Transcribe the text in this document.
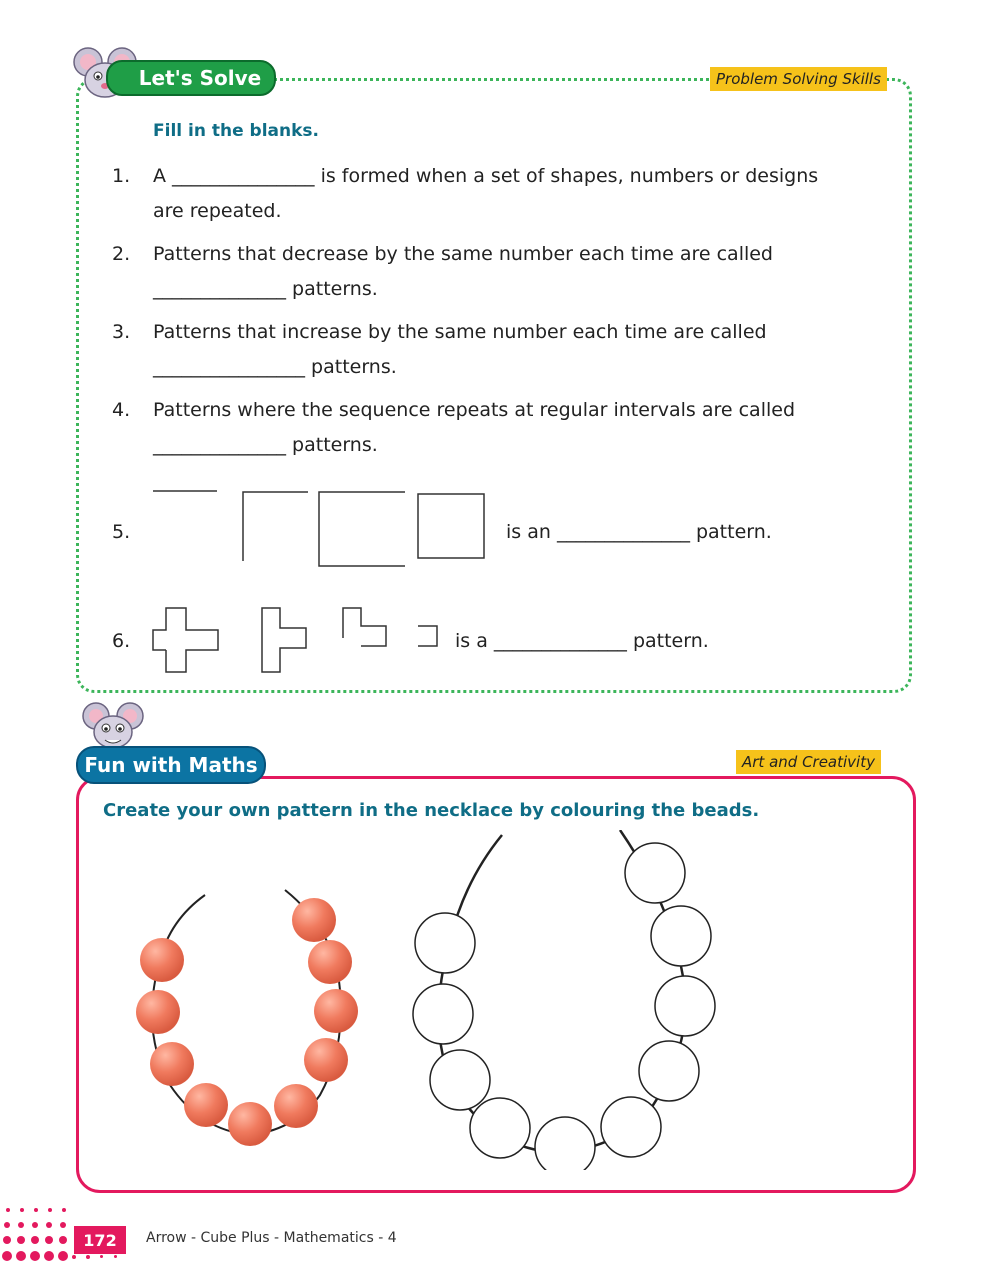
Let's Solve	Problem Solving Skills
Fill in the blanks.
1. A _______________ is formed when a set of shapes, numbers or designs
are repeated.
2. Patterns that decrease by the same number each time are called
______________ patterns.
3. Patterns that increase by the same number each time are called
________________ patterns.
4. Patterns where the sequence repeats at regular intervals are called
______________ patterns.
5.	is an ______________ pattern.
6.	is a ______________ pattern.
Fun with Maths	Art and Creativity
Create your own pattern in the necklace by colouring the beads.
172	Arrow - Cube Plus - Mathematics - 4
